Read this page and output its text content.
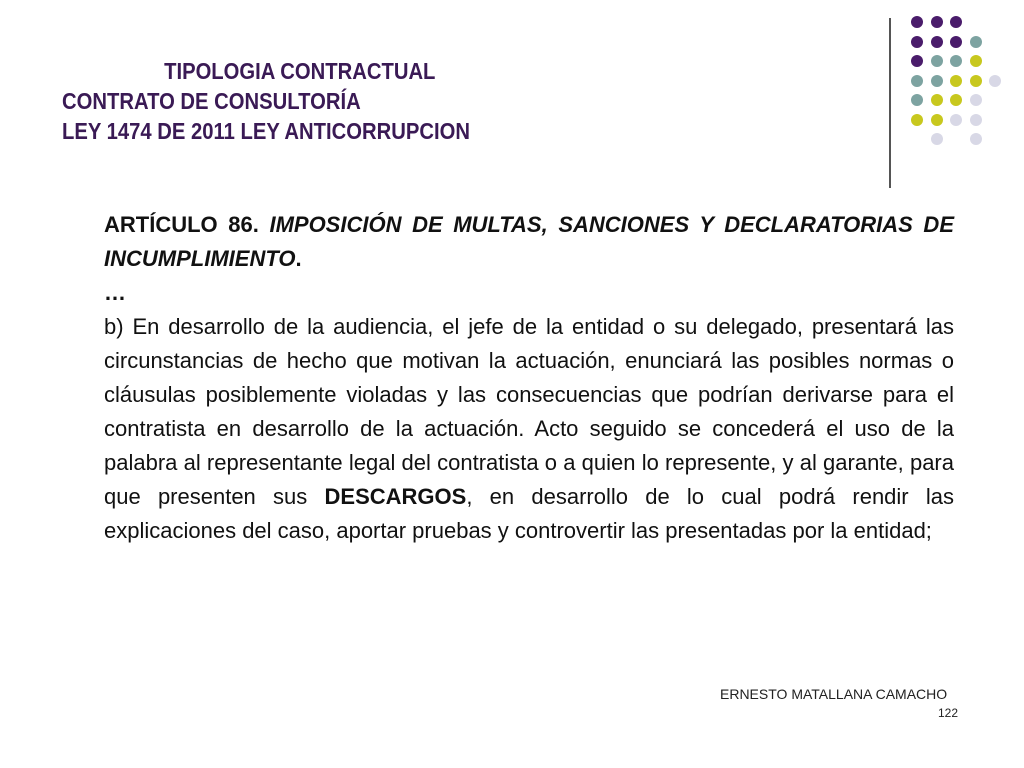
TIPOLOGIA CONTRACTUAL
CONTRATO DE CONSULTORÍA
LEY 1474 DE 2011 LEY ANTICORRUPCION

ARTÍCULO 86. IMPOSICIÓN DE MULTAS, SANCIONES Y DECLARATORIAS DE INCUMPLIMIENTO.

…

b) En desarrollo de la audiencia, el jefe de la entidad o su delegado, presentará las circunstancias de hecho que motivan la actuación, enunciará las posibles normas o cláusulas posiblemente violadas y las consecuencias que podrían derivarse para el contratista en desarrollo de la actuación. Acto seguido se concederá el uso de la palabra al representante legal del contratista o a quien lo represente, y al garante, para que presenten sus DESCARGOS, en desarrollo de lo cual podrá rendir las explicaciones del caso, aportar pruebas y controvertir las presentadas por la entidad;

ERNESTO MATALLANA CAMACHO
122
